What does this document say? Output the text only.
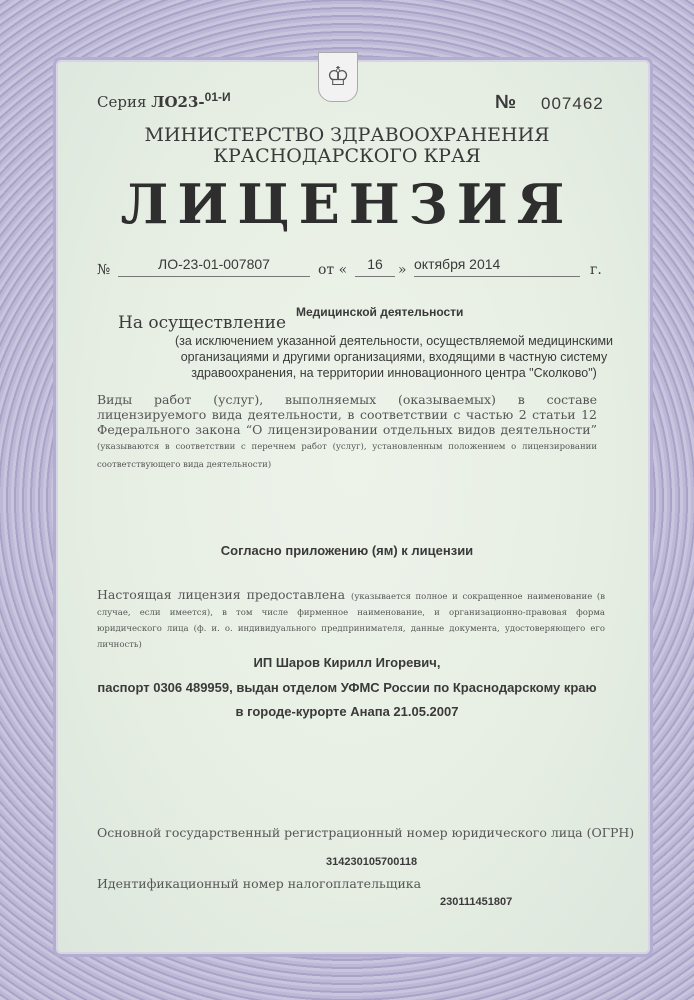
♔
Серия ЛО23-$^{01-И}$	№ 007462
МИНИСТЕРСТВО ЗДРАВООХРАНЕНИЯ
КРАСНОДАРСКОГО КРАЯ
ЛИЦЕНЗИЯ
№	ЛО-23-01-007807	от «	16	» октября 2014	г.
Медицинской деятельности
На осуществление
(за исключением указанной деятельности, осуществляемой медицинскими организациями и другими организациями, входящими в частную систему здравоохранения, на территории инновационного центра "Сколково")
Виды работ (услуг), выполняемых (оказываемых) в составе лицензируемого вида деятельности, в соответствии с частью 2 статьи 12 Федерального закона “О лицензировании отдельных видов деятельности” (указываются в соответствии с перечнем работ (услуг), установленным положением о лицензировании соответствующего вида деятельности)
Согласно приложению (ям) к лицензии
Настоящая лицензия предоставлена (указывается полное и сокращенное наименование (в случае, если имеется), в том числе фирменное наименование, и организационно-правовая форма юридического лица (ф. и. о. индивидуального предпринимателя, данные документа, удостоверяющего его личность)
ИП Шаров Кирилл Игоревич,
паспорт 0306 489959, выдан отделом УФМС России по Краснодарскому краю
в городе-курорте Анапа 21.05.2007
Основной государственный регистрационный номер юридического лица (ОГРН)
314230105700118
Идентификационный номер налогоплательщика
230111451807
